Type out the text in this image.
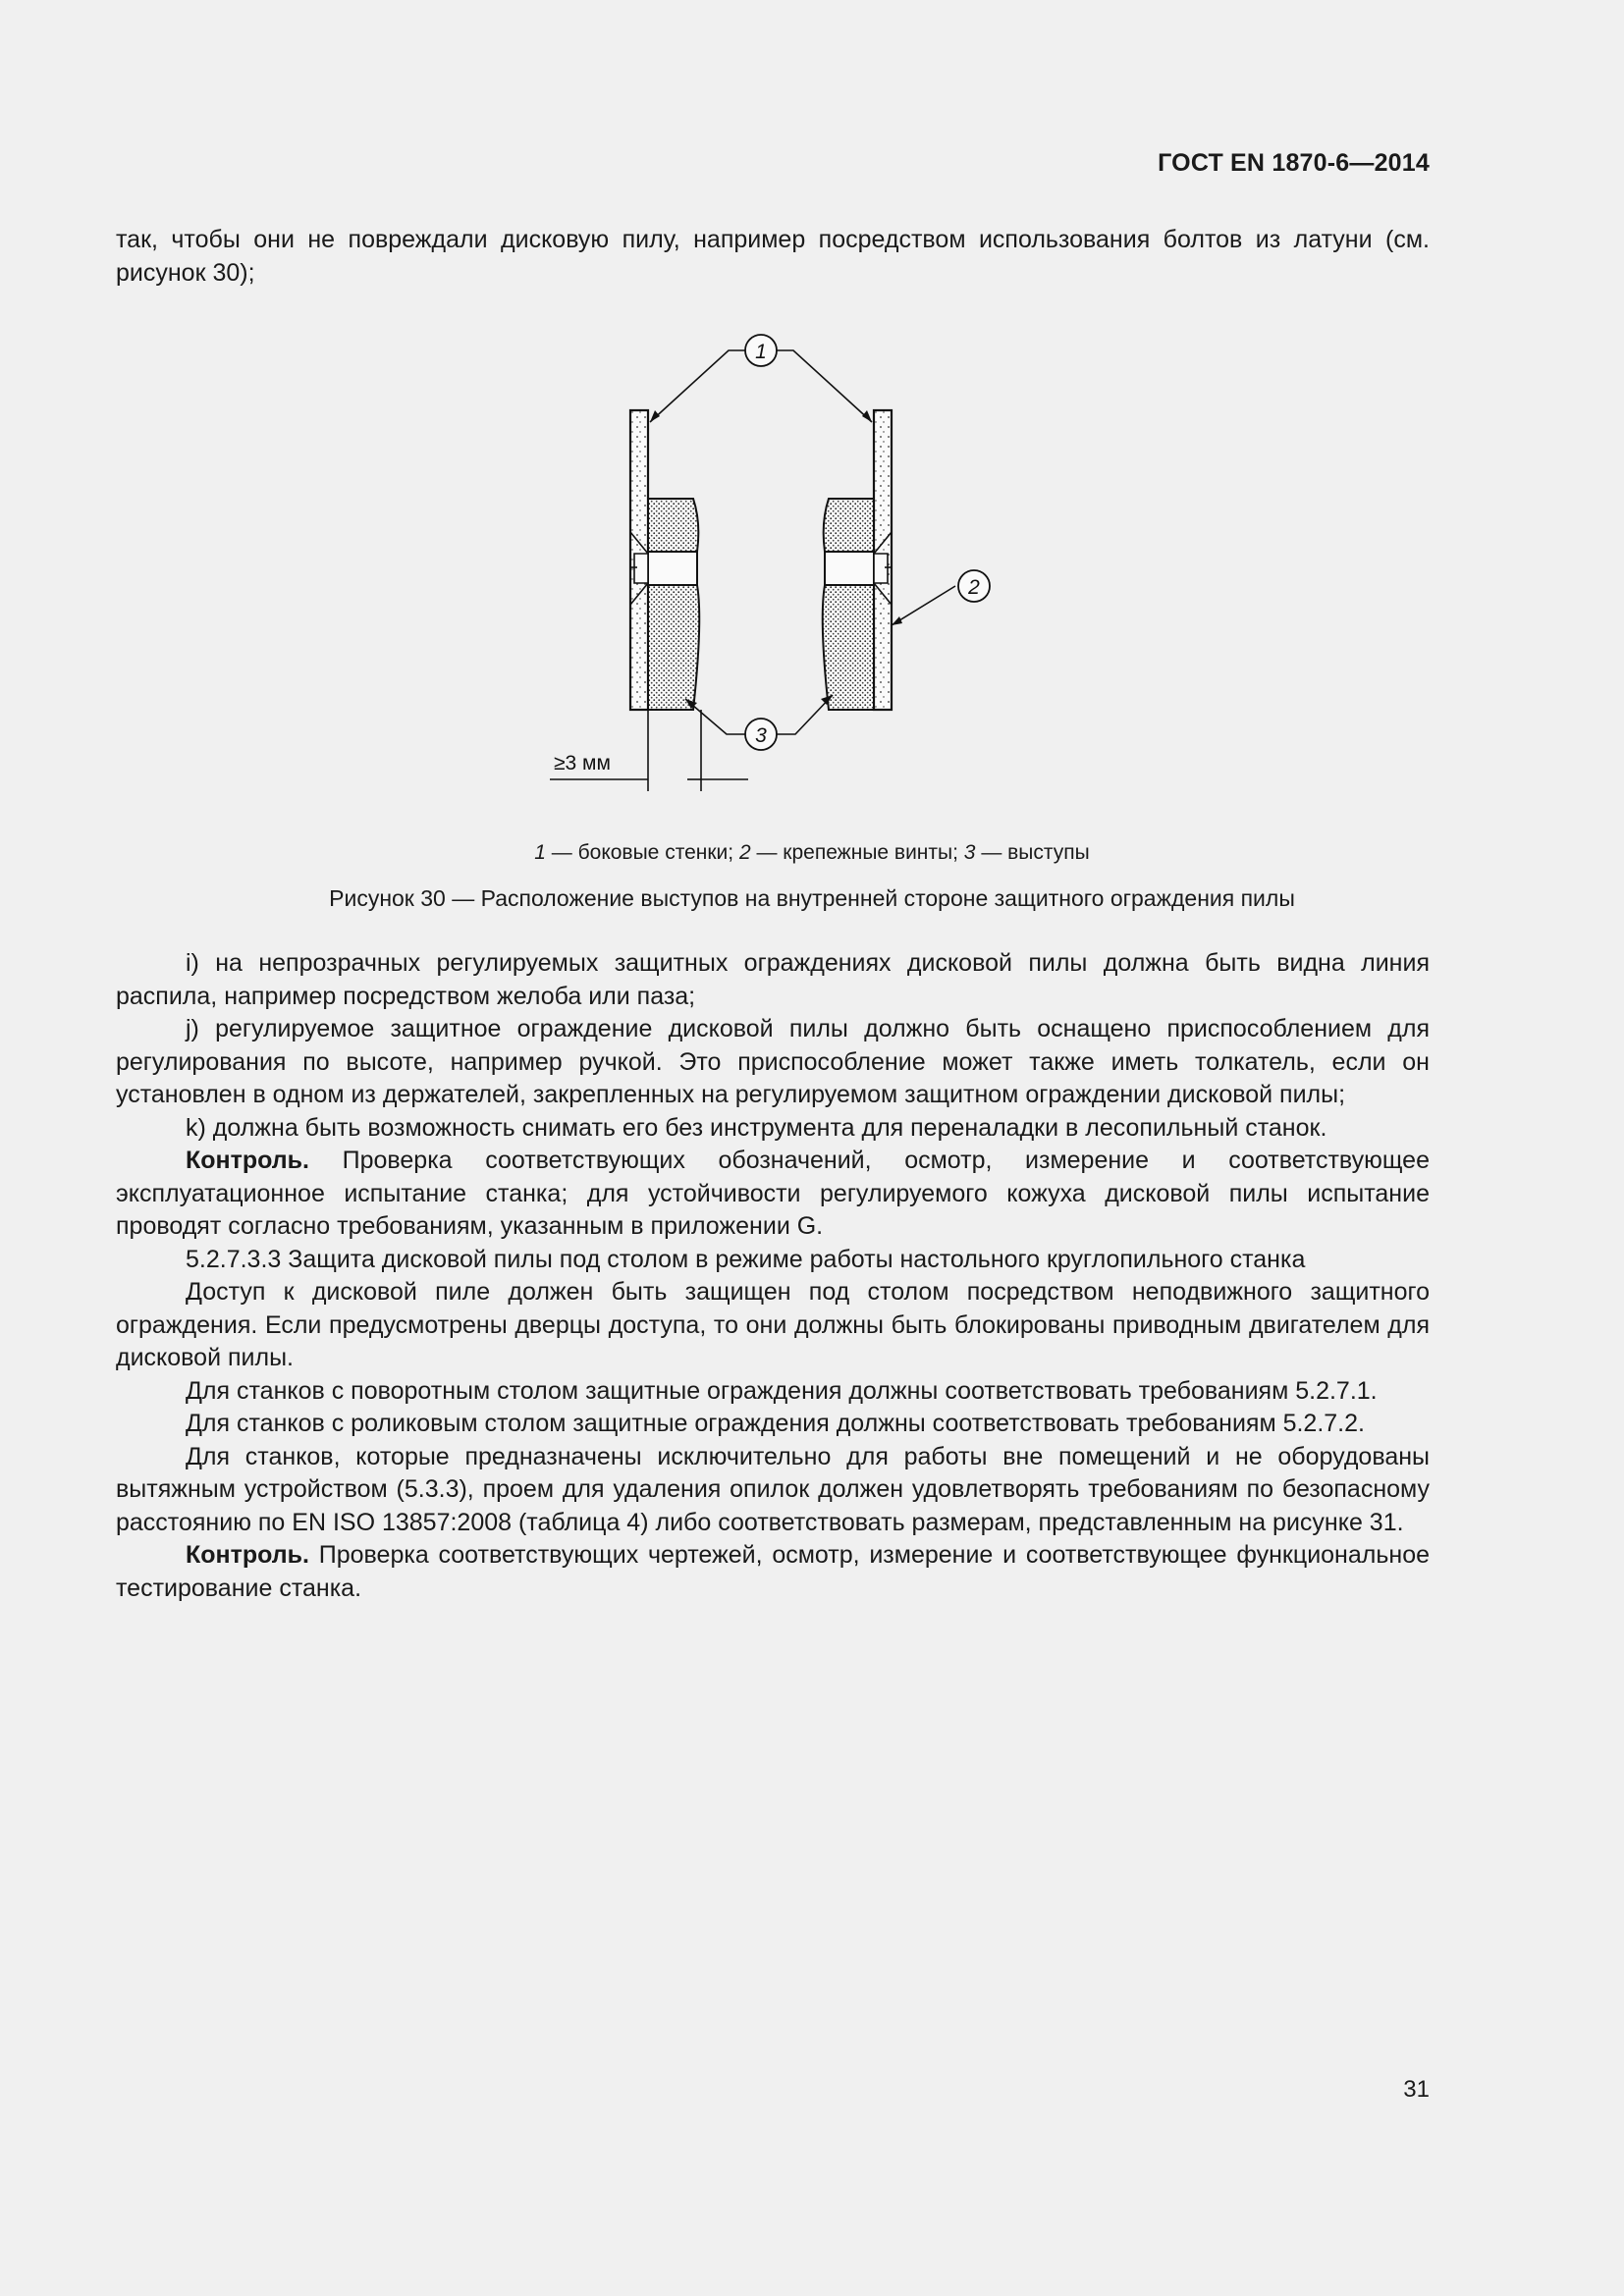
ГОСТ EN 1870-6—2014

так, чтобы они не повреждали дисковую пилу, например посредством использования болтов из латуни (см. рисунок 30);

1
2
3
≥3 мм
1 — боковые стенки; 2 — крепежные винты; 3 — выступы
Рисунок 30 — Расположение выступов на внутренней стороне защитного ограждения пилы

i) на непрозрачных регулируемых защитных ограждениях дисковой пилы должна быть видна линия распила, например посредством желоба или паза;

j) регулируемое защитное ограждение дисковой пилы должно быть оснащено приспособлением для регулирования по высоте, например ручкой. Это приспособление может также иметь толкатель, если он установлен в одном из держателей, закрепленных на регулируемом защитном ограждении дисковой пилы;

k) должна быть возможность снимать его без инструмента для переналадки в лесопильный станок.

Контроль. Проверка соответствующих обозначений, осмотр, измерение и соответствующее эксплуатационное испытание станка; для устойчивости регулируемого кожуха дисковой пилы испытание проводят согласно требованиям, указанным в приложении G.

5.2.7.3.3 Защита дисковой пилы под столом в режиме работы настольного круглопильного станка

Доступ к дисковой пиле должен быть защищен под столом посредством неподвижного защитного ограждения. Если предусмотрены дверцы доступа, то они должны быть блокированы приводным двигателем для дисковой пилы.

Для станков с поворотным столом защитные ограждения должны соответствовать требованиям 5.2.7.1.

Для станков с роликовым столом защитные ограждения должны соответствовать требованиям 5.2.7.2.

Для станков, которые предназначены исключительно для работы вне помещений и не оборудованы вытяжным устройством (5.3.3), проем для удаления опилок должен удовлетворять требованиям по безопасному расстоянию по EN ISO 13857:2008 (таблица 4) либо соответствовать размерам, представленным на рисунке 31.

Контроль. Проверка соответствующих чертежей, осмотр, измерение и соответствующее функциональное тестирование станка.

31
